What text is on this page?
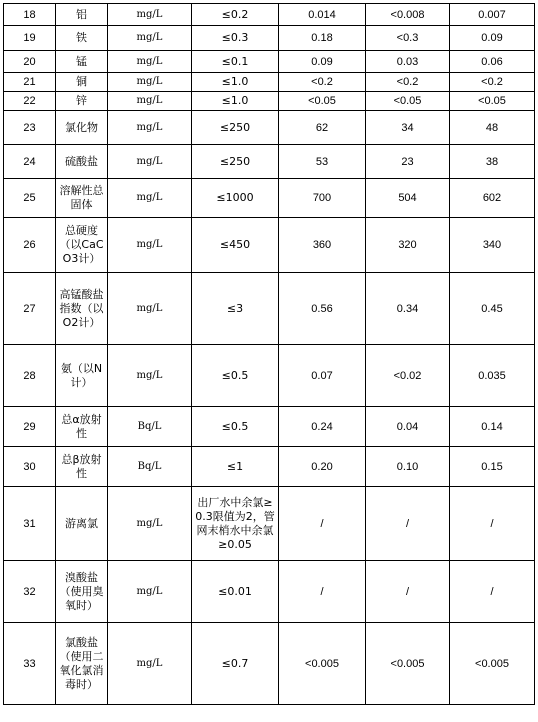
18	铝	mg/L	≤0.2	0.014	<0.008	0.007
19	铁	mg/L	≤0.3	0.18	<0.3	0.09
20	锰	mg/L	≤0.1	0.09	0.03	0.06
21	铜	mg/L	≤1.0	<0.2	<0.2	<0.2
22	锌	mg/L	≤1.0	<0.05	<0.05	<0.05
23	氯化物	mg/L	≤250	62	34	48
24	硫酸盐	mg/L	≤250	53	23	38
25	溶解性总固体	mg/L	≤1000	700	504	602
26	总硬度（以CaCO3计）	mg/L	≤450	360	320	340
27	高锰酸盐指数（以O2计）	mg/L	≤3	0.56	0.34	0.45
28	氨（以N计）	mg/L	≤0.5	0.07	<0.02	0.035
29	总α放射性	Bq/L	≤0.5	0.24	0.04	0.14
30	总β放射性	Bq/L	≤1	0.20	0.10	0.15
31	游离氯	mg/L	出厂水中余氯≥0.3限值为2，管网末梢水中余氯≥0.05	/	/	/
32	溴酸盐（使用臭氧时）	mg/L	≤0.01	/	/	/
33	氯酸盐（使用二氧化氯消毒时）	mg/L	≤0.7	<0.005	<0.005	<0.005
